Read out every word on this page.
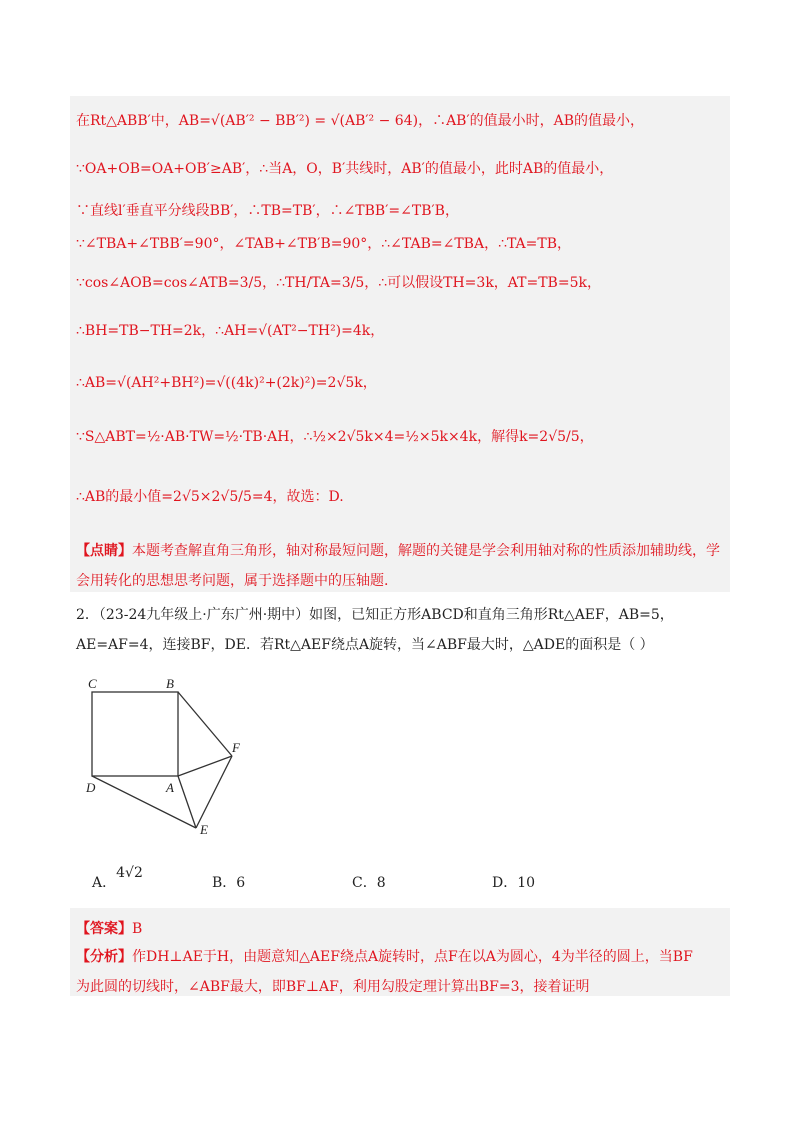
在Rt△ABB′中，AB=√(AB′² − BB′²) = √(AB′² − 64)，∴AB′的值最小时，AB的值最小，
∵OA+OB=OA+OB′≥AB′，∴当A，O，B′共线时，AB′的值最小，此时AB的值最小，
∵直线l′垂直平分线段BB′，∴TB=TB′，∴∠TBB′=∠TB′B，
∵∠TBA+∠TBB′=90°，∠TAB+∠TB′B=90°，∴∠TAB=∠TBA，∴TA=TB，
∵cos∠AOB=cos∠ATB=3/5，∴TH/TA=3/5，∴可以假设TH=3k，AT=TB=5k，
∴BH=TB−TH=2k，∴AH=√(AT²−TH²)=4k，
∴AB=√(AH²+BH²)=√((4k)²+(2k)²)=2√5k，
∵S△ABT=½·AB·TW=½·TB·AH，∴½×2√5k×4=½×5k×4k，解得k=2√5/5，
∴AB的最小值=2√5×2√5/5=4，故选：D.
【点睛】本题考查解直角三角形，轴对称最短问题，解题的关键是学会利用轴对称的性质添加辅助线，学
会用转化的思想思考问题，属于选择题中的压轴题.
2．（23-24九年级上·广东广州·期中）如图，已知正方形ABCD和直角三角形Rt△AEF，AB=5，
AE=AF=4，连接BF，DE．若Rt△AEF绕点A旋转，当∠ABF最大时，△ADE的面积是（ ）
C	B
D	A
F
E
A．4√2
B．6	C．8	D．10
【答案】B
【分析】作DH⊥AE于H，由题意知△AEF绕点A旋转时，点F在以A为圆心，4为半径的圆上，当BF
为此圆的切线时，∠ABF最大，即BF⊥AF，利用勾股定理计算出BF=3，接着证明
